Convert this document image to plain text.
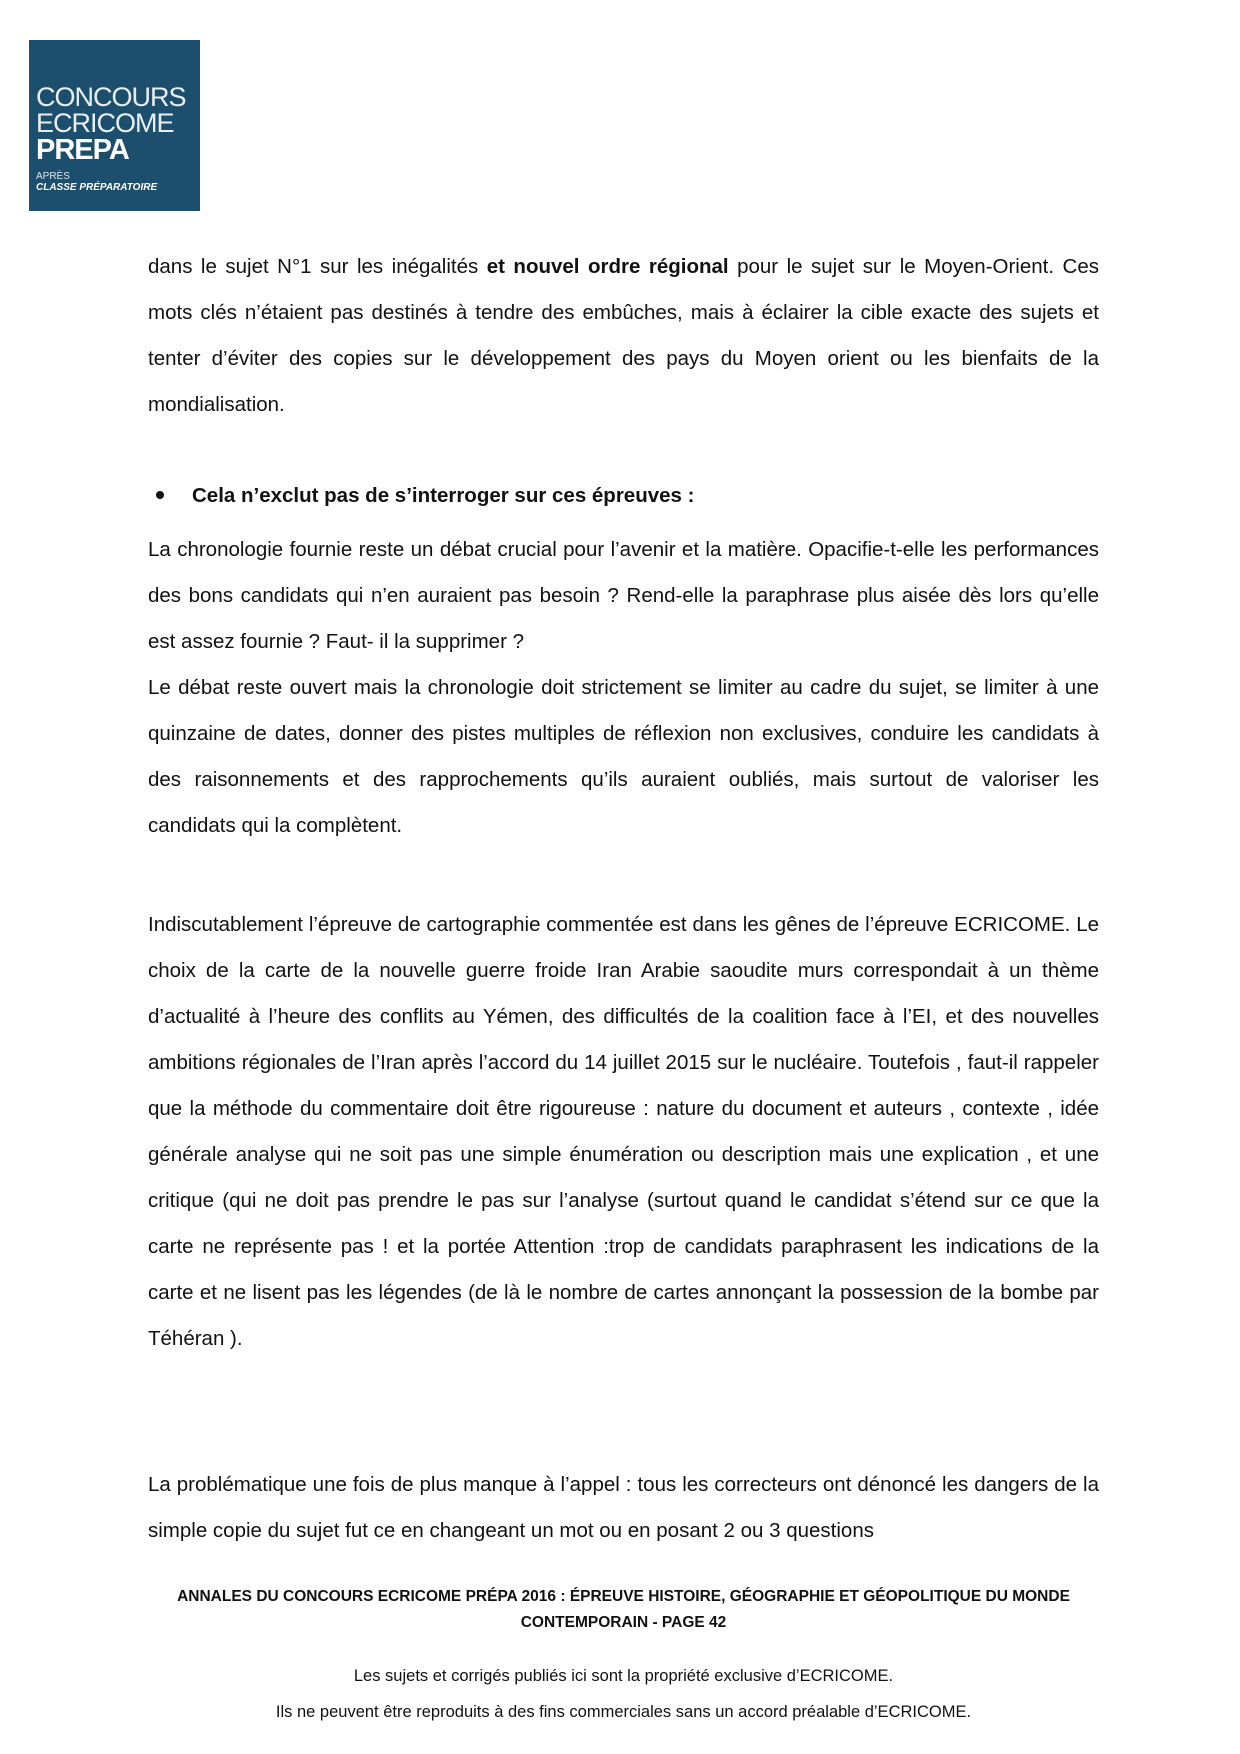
CONCOURS
ECRICOME
PREPA
APRÈS
CLASSE PRÉPARATOIRE

dans le sujet N°1 sur les inégalités et nouvel ordre régional pour le sujet sur le Moyen-Orient. Ces mots clés n’étaient pas destinés à tendre des embûches, mais à éclairer la cible exacte des sujets et tenter d’éviter des copies sur le développement des pays du Moyen orient ou les bienfaits de la mondialisation.

Cela n’exclut pas de s’interroger sur ces épreuves :

La chronologie fournie reste un débat crucial pour l’avenir et la matière. Opacifie-t-elle les performances des bons candidats qui n’en auraient pas besoin ? Rend-elle la paraphrase plus aisée dès lors qu’elle est assez fournie ? Faut- il la supprimer ?

Le débat reste ouvert mais la chronologie doit strictement se limiter au cadre du sujet, se limiter à une quinzaine de dates, donner des pistes multiples de réflexion non exclusives, conduire les candidats à des raisonnements et des rapprochements qu’ils auraient oubliés, mais surtout de valoriser les candidats qui la complètent.

Indiscutablement l’épreuve de cartographie commentée est dans les gênes de l’épreuve ECRICOME. Le choix de la carte de la nouvelle guerre froide Iran Arabie saoudite murs correspondait à un thème d’actualité à l’heure des conflits au Yémen, des difficultés de la coalition face à l’EI, et des nouvelles ambitions régionales de l’Iran après l’accord du 14 juillet 2015 sur le nucléaire. Toutefois , faut-il rappeler que la méthode du commentaire doit être rigoureuse : nature du document et auteurs , contexte , idée générale analyse qui ne soit pas une simple énumération ou description mais une explication , et une critique (qui ne doit pas prendre le pas sur l’analyse (surtout quand le candidat s’étend sur ce que la carte ne représente pas ! et la portée Attention :trop de candidats paraphrasent les indications de la carte et ne lisent pas les légendes (de là le nombre de cartes annonçant la possession de la bombe par Téhéran ).

La problématique une fois de plus manque à l’appel : tous les correcteurs ont dénoncé les dangers de la simple copie du sujet fut ce en changeant un mot ou en posant 2 ou 3 questions

ANNALES DU CONCOURS ECRICOME PRÉPA 2016 : ÉPREUVE HISTOIRE, GÉOGRAPHIE ET GÉOPOLITIQUE DU MONDE
CONTEMPORAIN - PAGE 42
Les sujets et corrigés publiés ici sont la propriété exclusive d’ECRICOME.
Ils ne peuvent être reproduits à des fins commerciales sans un accord préalable d’ECRICOME.
